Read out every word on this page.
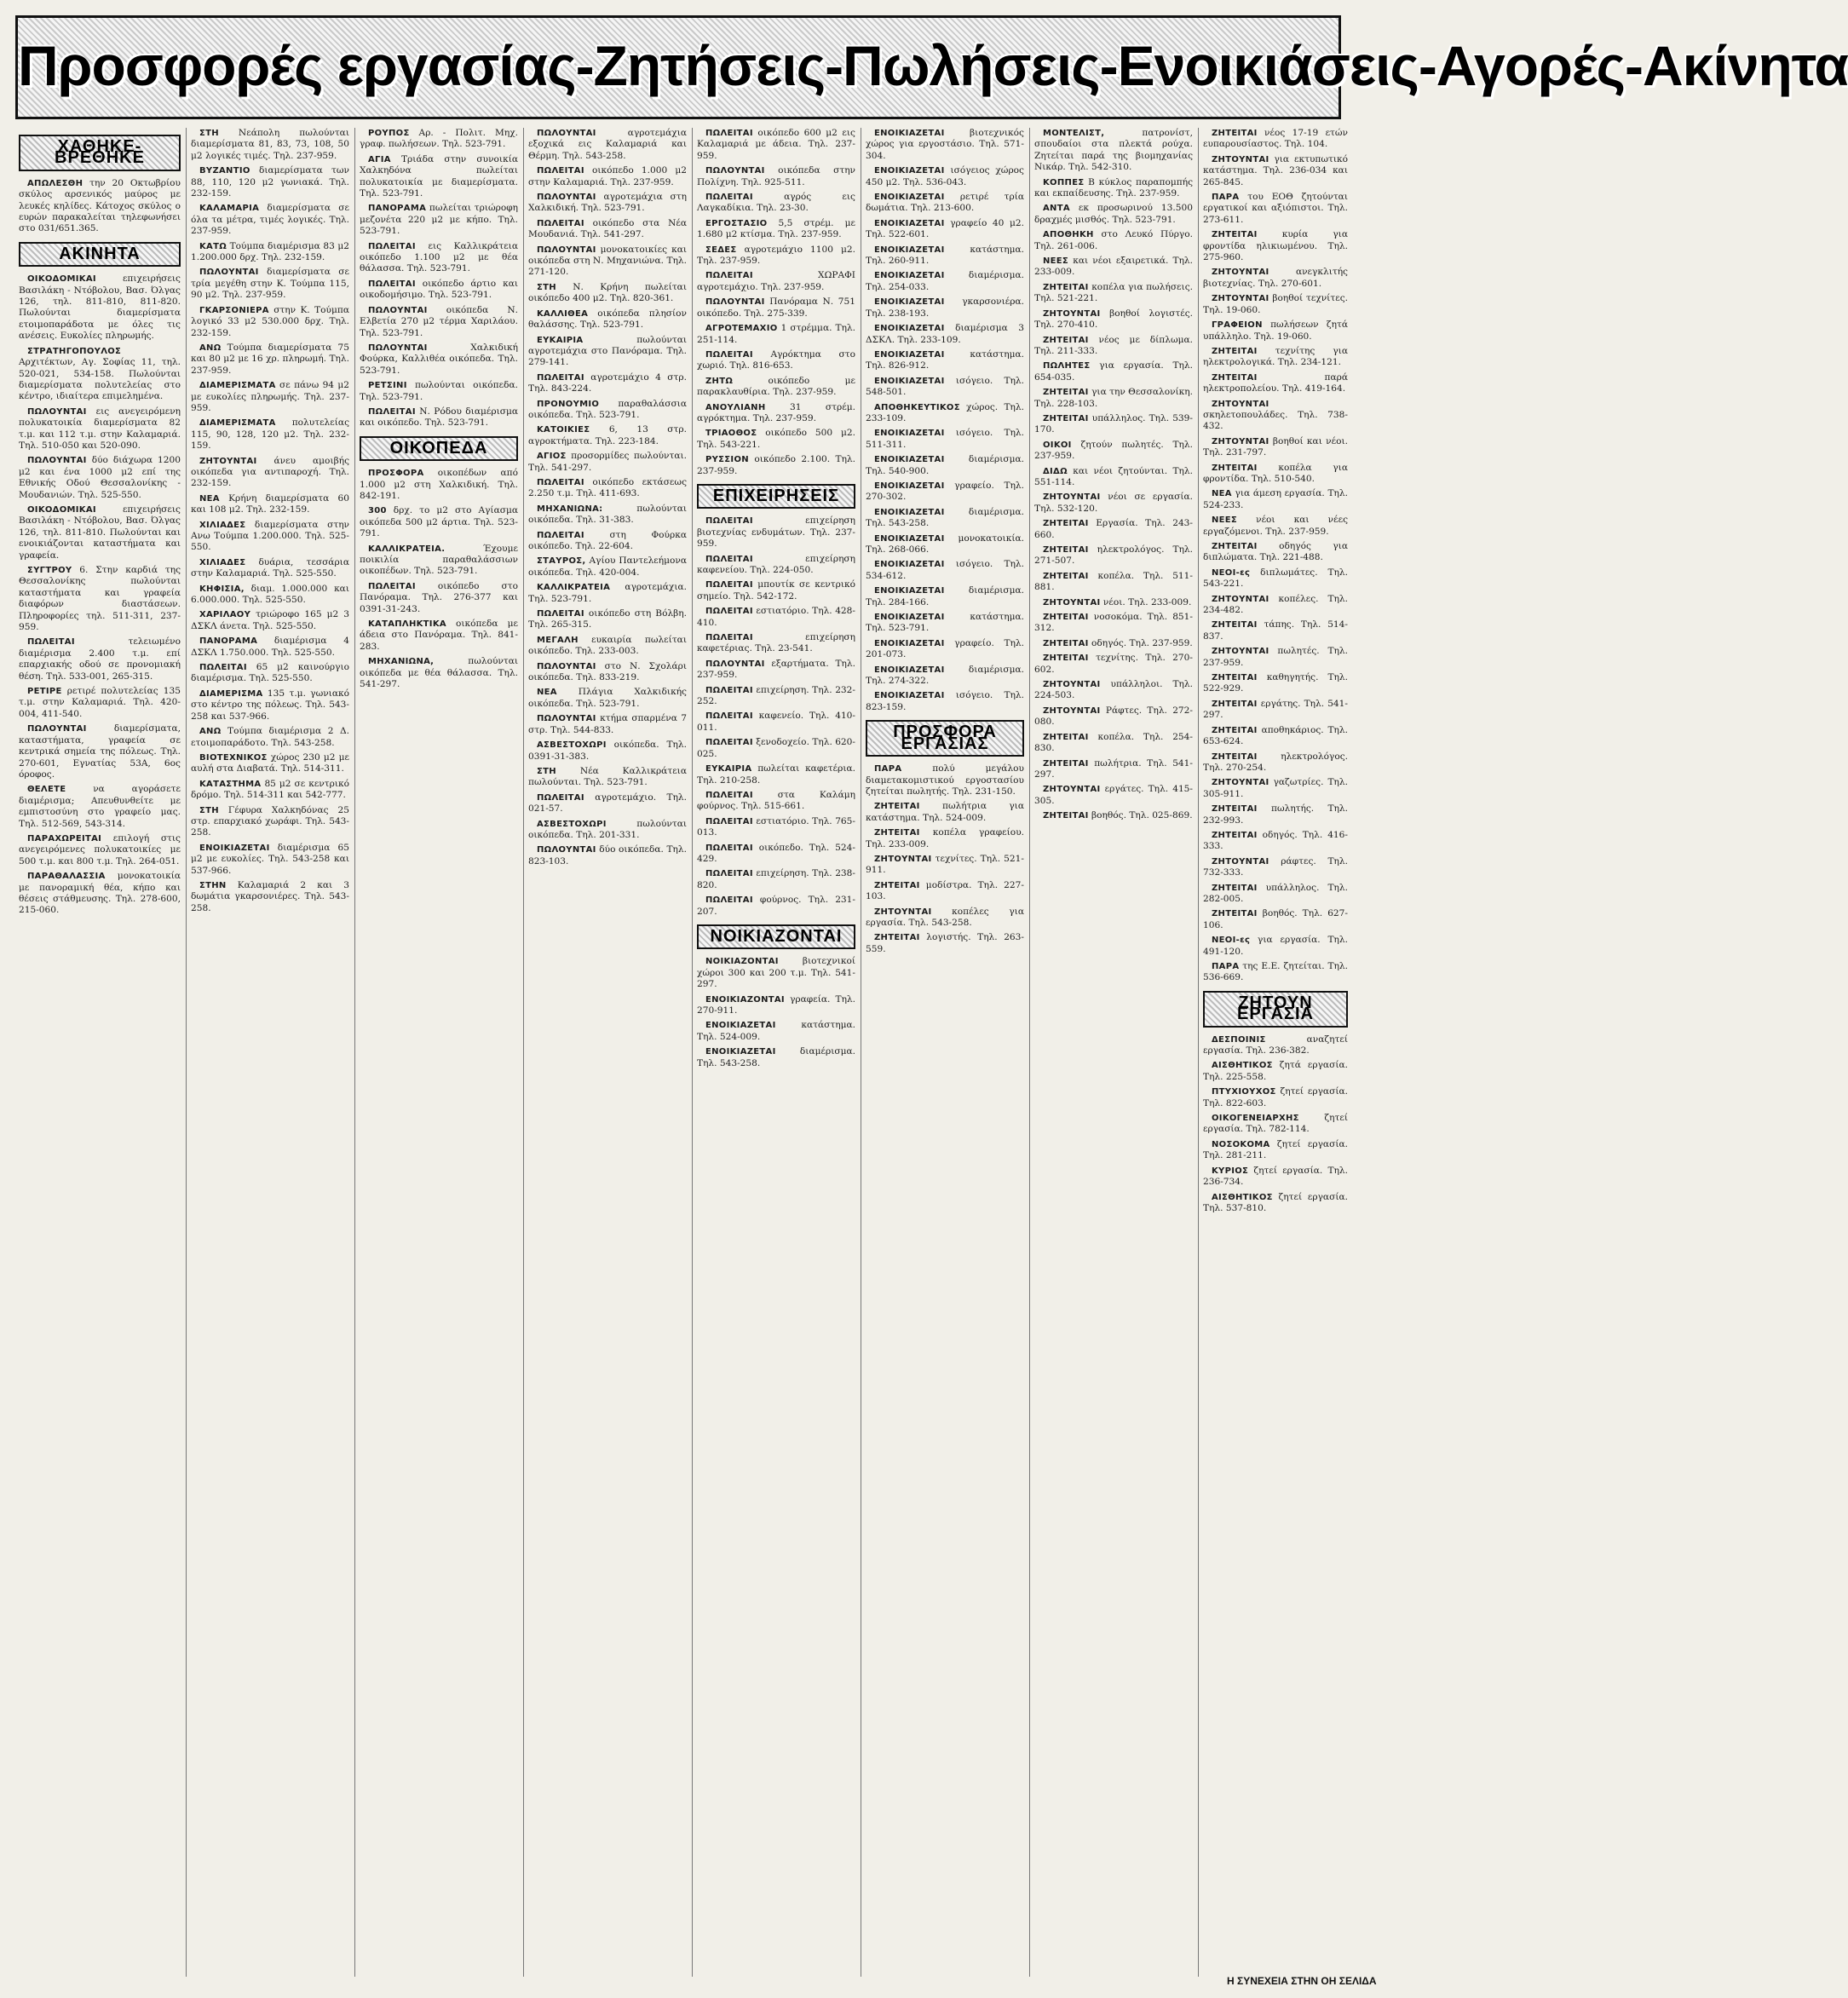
Προσφορές εργασίας-Ζητήσεις-Πωλήσεις-Ενοικιάσεις-Αγορές-Ακίνητα
ΧΑΘΗΚΕ-ΒΡΕΘΗΚΕ

ΑΠΩΛΕΣΘΗ την 20 Οκτωβρίου σκύλος αρσενικός μαύρος με λευκές κηλίδες. Κάτοχος σκύλος ο ευρών παρακαλείται τηλεφωνήσει στο 031/651.365.

ΑΚΙΝΗΤΑ

ΟΙΚΟΔΟΜΙΚΑΙ επιχειρήσεις Βασιλάκη - Ντόβολου, Βασ. Όλγας 126, τηλ. 811-810, 811-820. Πωλούνται διαμερίσματα ετοιμοπαράδοτα με όλες τις ανέσεις. Ευκολίες πληρωμής.

ΣΤΡΑΤΗΓΟΠΟΥΛΟΣ Αρχιτέκτων, Αγ. Σοφίας 11, τηλ. 520-021, 534-158. Πωλούνται διαμερίσματα πολυτελείας στο κέντρο, ιδιαίτερα επιμελημένα.

ΠΩΛΟΥΝΤΑΙ εις ανεγειρόμενη πολυκατοικία διαμερίσματα 82 τ.μ. και 112 τ.μ. στην Καλαμαριά. Τηλ. 510-050 και 520-090.

ΠΩΛΟΥΝΤΑΙ δύο διάχωρα 1200 μ2 και ένα 1000 μ2 επί της Εθνικής Οδού Θεσσαλονίκης - Μουδανιών. Τηλ. 525-550.

ΟΙΚΟΔΟΜΙΚΑΙ επιχειρήσεις Βασιλάκη - Ντόβολου, Βασ. Όλγας 126, τηλ. 811-810. Πωλούνται και ενοικιάζονται καταστήματα και γραφεία.

ΣΥΓΤΡΟΥ 6. Στην καρδιά της Θεσσαλονίκης πωλούνται καταστήματα και γραφεία διαφόρων διαστάσεων. Πληροφορίες τηλ. 511-311, 237-959.

ΠΩΛΕΙΤΑΙ τελειωμένο διαμέρισμα 2.400 τ.μ. επί επαρχιακής οδού σε προνομιακή θέση. Τηλ. 533-001, 265-315.

ΡΕΤΙΡΕ ρετιρέ πολυτελείας 135 τ.μ. στην Καλαμαριά. Τηλ. 420-004, 411-540.

ΠΩΛΟΥΝΤΑΙ διαμερίσματα, καταστήματα, γραφεία σε κεντρικά σημεία της πόλεως. Τηλ. 270-601, Εγνατίας 53Α, 6ος όροφος.

ΘΕΛΕΤΕ να αγοράσετε διαμέρισμα; Απευθυνθείτε με εμπιστοσύνη στο γραφείο μας. Τηλ. 512-569, 543-314.

ΠΑΡΑΧΩΡΕΙΤΑΙ επιλογή στις ανεγειρόμενες πολυκατοικίες με 500 τ.μ. και 800 τ.μ. Τηλ. 264-051.

ΠΑΡΑΘΑΛΑΣΣΙΑ μονοκατοικία με πανοραμική θέα, κήπο και θέσεις στάθμευσης. Τηλ. 278-600, 215-060.

ΣΤΗ Νεάπολη πωλούνται διαμερίσματα 81, 83, 73, 108, 50 μ2 λογικές τιμές. Τηλ. 237-959.

ΒΥΖΑΝΤΙΟ διαμερίσματα των 88, 110, 120 μ2 γωνιακά. Τηλ. 232-159.

ΚΑΛΑΜΑΡΙΑ διαμερίσματα σε όλα τα μέτρα, τιμές λογικές. Τηλ. 237-959.

ΚΑΤΩ Τούμπα διαμέρισμα 83 μ2 1.200.000 δρχ. Τηλ. 232-159.

ΠΩΛΟΥΝΤΑΙ διαμερίσματα σε τρία μεγέθη στην Κ. Τούμπα 115, 90 μ2. Τηλ. 237-959.

ΓΚΑΡΣΟΝΙΕΡΑ στην Κ. Τούμπα λογικό 33 μ2 530.000 δρχ. Τηλ. 232-159.

ΑΝΩ Τούμπα διαμερίσματα 75 και 80 μ2 με 16 χρ. πληρωμή. Τηλ. 237-959.

ΔΙΑΜΕΡΙΣΜΑΤΑ σε πάνω 94 μ2 με ευκολίες πληρωμής. Τηλ. 237-959.

ΔΙΑΜΕΡΙΣΜΑΤΑ πολυτελείας 115, 90, 128, 120 μ2. Τηλ. 232-159.

ΖΗΤΟΥΝΤΑΙ άνευ αμοιβής οικόπεδα για αντιπαροχή. Τηλ. 232-159.

ΝΕΑ Κρήνη διαμερίσματα 60 και 108 μ2. Τηλ. 232-159.

ΧΙΛΙΑΔΕΣ διαμερίσματα στην Ανω Τούμπα 1.200.000. Τηλ. 525-550.

ΧΙΛΙΑΔΕΣ δυάρια, τεσσάρια στην Καλαμαριά. Τηλ. 525-550.

ΚΗΦΙΣΙΑ, διαμ. 1.000.000 και 6.000.000. Τηλ. 525-550.

ΧΑΡΙΛΑΟΥ τριώροφο 165 μ2 3 ΔΣΚΛ άνετα. Τηλ. 525-550.

ΠΑΝΟΡΑΜΑ διαμέρισμα 4 ΔΣΚΛ 1.750.000. Τηλ. 525-550.

ΠΩΛΕΙΤΑΙ 65 μ2 καινούργιο διαμέρισμα. Τηλ. 525-550.

ΔΙΑΜΕΡΙΣΜΑ 135 τ.μ. γωνιακό στο κέντρο της πόλεως. Τηλ. 543-258 και 537-966.

ΑΝΩ Τούμπα διαμέρισμα 2 Δ. ετοιμοπαράδοτο. Τηλ. 543-258.

ΒΙΟΤΕΧΝΙΚΟΣ χώρος 230 μ2 με αυλή στα Διαβατά. Τηλ. 514-311.

ΚΑΤΑΣΤΗΜΑ 85 μ2 σε κεντρικό δρόμο. Τηλ. 514-311 και 542-777.

ΣΤΗ Γέφυρα Χαλκηδόνας 25 στρ. επαρχιακό χωράφι. Τηλ. 543-258.

ΕΝΟΙΚΙΑΖΕΤΑΙ διαμέρισμα 65 μ2 με ευκολίες. Τηλ. 543-258 και 537-966.

ΣΤΗΝ Καλαμαριά 2 και 3 δωμάτια γκαρσονιέρες. Τηλ. 543-258.

ΡΟΥΠΟΣ Αρ. - Πολιτ. Μηχ. γραφ. πωλήσεων. Τηλ. 523-791.

ΑΓΙΑ Τριάδα στην συνοικία Χαλκηδόνα πωλείται πολυκατοικία με διαμερίσματα. Τηλ. 523-791.

ΠΑΝΟΡΑΜΑ πωλείται τριώροφη μεζονέτα 220 μ2 με κήπο. Τηλ. 523-791.

ΠΩΛΕΙΤΑΙ εις Καλλικράτεια οικόπεδο 1.100 μ2 με θέα θάλασσα. Τηλ. 523-791.

ΠΩΛΕΙΤΑΙ οικόπεδο άρτιο και οικοδομήσιμο. Τηλ. 523-791.

ΠΩΛΟΥΝΤΑΙ οικόπεδα Ν. Ελβετία 270 μ2 τέρμα Χαριλάου. Τηλ. 523-791.

ΠΩΛΟΥΝΤΑΙ Χαλκιδική Φούρκα, Καλλιθέα οικόπεδα. Τηλ. 523-791.

ΡΕΤΣΙΝΙ πωλούνται οικόπεδα. Τηλ. 523-791.

ΠΩΛΕΙΤΑΙ Ν. Ρόδου διαμέρισμα και οικόπεδο. Τηλ. 523-791.

ΟΙΚΟΠΕΔΑ

ΠΡΟΣΦΟΡΑ οικοπέδων από 1.000 μ2 στη Χαλκιδική. Τηλ. 842-191.

300 δρχ. το μ2 στο Αγίασμα οικόπεδα 500 μ2 άρτια. Τηλ. 523-791.

ΚΑΛΛΙΚΡΑΤΕΙΑ. Έχουμε ποικιλία παραθαλάσσιων οικοπέδων. Τηλ. 523-791.

ΠΩΛΕΙΤΑΙ οικόπεδο στο Πανόραμα. Τηλ. 276-377 και 0391-31-243.

ΚΑΤΑΠΛΗΚΤΙΚΑ οικόπεδα με άδεια στο Πανόραμα. Τηλ. 841-283.

ΜΗΧΑΝΙΩΝΑ, πωλούνται οικόπεδα με θέα θάλασσα. Τηλ. 541-297.

ΠΩΛΟΥΝΤΑΙ αγροτεμάχια εξοχικά εις Καλαμαριά και Θέρμη. Τηλ. 543-258.

ΠΩΛΕΙΤΑΙ οικόπεδο 1.000 μ2 στην Καλαμαριά. Τηλ. 237-959.

ΠΩΛΟΥΝΤΑΙ αγροτεμάχια στη Χαλκιδική. Τηλ. 523-791.

ΠΩΛΕΙΤΑΙ οικόπεδο στα Νέα Μουδανιά. Τηλ. 541-297.

ΠΩΛΟΥΝΤΑΙ μονοκατοικίες και οικόπεδα στη Ν. Μηχανιώνα. Τηλ. 271-120.

ΣΤΗ Ν. Κρήνη πωλείται οικόπεδο 400 μ2. Τηλ. 820-361.

ΚΑΛΛΙΘΕΑ οικόπεδα πλησίον θαλάσσης. Τηλ. 523-791.

ΕΥΚΑΙΡΙΑ πωλούνται αγροτεμάχια στο Πανόραμα. Τηλ. 279-141.

ΠΩΛΕΙΤΑΙ αγροτεμάχιο 4 στρ. Τηλ. 843-224.

ΠΡΟΝΟΥΜΙΟ παραθαλάσσια οικόπεδα. Τηλ. 523-791.

ΚΑΤΟΙΚΙΕΣ 6, 13 στρ. αγροκτήματα. Τηλ. 223-184.

ΑΓΙΟΣ προσορμίδες πωλούνται. Τηλ. 541-297.

ΠΩΛΕΙΤΑΙ οικόπεδο εκτάσεως 2.250 τ.μ. Τηλ. 411-693.

ΜΗΧΑΝΙΩΝΑ: πωλούνται οικόπεδα. Τηλ. 31-383.

ΠΩΛΕΙΤΑΙ στη Φούρκα οικόπεδο. Τηλ. 22-604.

ΣΤΑΥΡΟΣ, Αγίου Παντελεήμονα οικόπεδα. Τηλ. 420-004.

ΚΑΛΛΙΚΡΑΤΕΙΑ αγροτεμάχια. Τηλ. 523-791.

ΠΩΛΕΙΤΑΙ οικόπεδο στη Βόλβη. Τηλ. 265-315.

ΜΕΓΑΛΗ ευκαιρία πωλείται οικόπεδο. Τηλ. 233-003.

ΠΩΛΟΥΝΤΑΙ στο Ν. Σχολάρι οικόπεδα. Τηλ. 833-219.

ΝΕΑ Πλάγια Χαλκιδικής οικόπεδα. Τηλ. 523-791.

ΠΩΛΟΥΝΤΑΙ κτήμα σπαρμένα 7 στρ. Τηλ. 544-833.

ΑΣΒΕΣΤΟΧΩΡΙ οικόπεδα. Τηλ. 0391-31-383.

ΣΤΗ Νέα Καλλικράτεια πωλούνται. Τηλ. 523-791.

ΠΩΛΕΙΤΑΙ αγροτεμάχιο. Τηλ. 021-57.

ΑΣΒΕΣΤΟΧΩΡΙ πωλούνται οικόπεδα. Τηλ. 201-331.

ΠΩΛΟΥΝΤΑΙ δύο οικόπεδα. Τηλ. 823-103.

ΠΩΛΕΙΤΑΙ οικόπεδο 600 μ2 εις Καλαμαριά με άδεια. Τηλ. 237-959.

ΠΩΛΟΥΝΤΑΙ οικόπεδα στην Πολίχνη. Τηλ. 925-511.

ΠΩΛΕΙΤΑΙ αγρός εις Λαγκαδίκια. Τηλ. 23-30.

ΕΡΓΟΣΤΑΣΙΟ 5,5 στρέμ. με 1.680 μ2 κτίσμα. Τηλ. 237-959.

ΣΕΔΕΣ αγροτεμάχιο 1100 μ2. Τηλ. 237-959.

ΠΩΛΕΙΤΑΙ ΧΩΡΑΦΙ αγροτεμάχιο. Τηλ. 237-959.

ΠΩΛΟΥΝΤΑΙ Πανόραμα Ν. 751 οικόπεδο. Τηλ. 275-339.

ΑΓΡΟΤΕΜΑΧΙΟ 1 στρέμμα. Τηλ. 251-114.

ΠΩΛΕΙΤΑΙ Αγρόκτημα στο χωριό. Τηλ. 816-653.

ΖΗΤΩ οικόπεδο με παρακλαυθίρια. Τηλ. 237-959.

ΑΝΟΥΛΙΑΝΗ 31 στρέμ. αγρόκτημα. Τηλ. 237-959.

ΤΡΙΑΟΘΟΣ οικόπεδο 500 μ2. Τηλ. 543-221.

ΡΥΣΣΙΟΝ οικόπεδο 2.100. Τηλ. 237-959.

ΕΠΙΧΕΙΡΗΣΕΙΣ

ΠΩΛΕΙΤΑΙ επιχείρηση βιοτεχνίας ενδυμάτων. Τηλ. 237-959.

ΠΩΛΕΙΤΑΙ επιχείρηση καφενείου. Τηλ. 224-050.

ΠΩΛΕΙΤΑΙ μπουτίκ σε κεντρικό σημείο. Τηλ. 542-172.

ΠΩΛΕΙΤΑΙ εστιατόριο. Τηλ. 428-410.

ΠΩΛΕΙΤΑΙ επιχείρηση καφετέριας. Τηλ. 23-541.

ΠΩΛΟΥΝΤΑΙ εξαρτήματα. Τηλ. 237-959.

ΠΩΛΕΙΤΑΙ επιχείρηση. Τηλ. 232-252.

ΠΩΛΕΙΤΑΙ καφενείο. Τηλ. 410-011.

ΠΩΛΕΙΤΑΙ ξενοδοχείο. Τηλ. 620-025.

ΕΥΚΑΙΡΙΑ πωλείται καφετέρια. Τηλ. 210-258.

ΠΩΛΕΙΤΑΙ στα Καλάμη φούρνος. Τηλ. 515-661.

ΠΩΛΕΙΤΑΙ εστιατόριο. Τηλ. 765-013.

ΠΩΛΕΙΤΑΙ οικόπεδο. Τηλ. 524-429.

ΠΩΛΕΙΤΑΙ επιχείρηση. Τηλ. 238-820.

ΠΩΛΕΙΤΑΙ φούρνος. Τηλ. 231-207.

ΝΟΙΚΙΑΖΟΝΤΑΙ

ΝΟΙΚΙΑΖΟΝΤΑΙ βιοτεχνικοί χώροι 300 και 200 τ.μ. Τηλ. 541-297.

ΕΝΟΙΚΙΑΖΟΝΤΑΙ γραφεία. Τηλ. 270-911.

ΕΝΟΙΚΙΑΖΕΤΑΙ κατάστημα. Τηλ. 524-009.

ΕΝΟΙΚΙΑΖΕΤΑΙ διαμέρισμα. Τηλ. 543-258.

ΕΝΟΙΚΙΑΖΕΤΑΙ βιοτεχνικός χώρος για εργοστάσιο. Τηλ. 571-304.

ΕΝΟΙΚΙΑΖΕΤΑΙ ισόγειος χώρος 450 μ2. Τηλ. 536-043.

ΕΝΟΙΚΙΑΖΕΤΑΙ ρετιρέ τρία δωμάτια. Τηλ. 213-600.

ΕΝΟΙΚΙΑΖΕΤΑΙ γραφείο 40 μ2. Τηλ. 522-601.

ΕΝΟΙΚΙΑΖΕΤΑΙ κατάστημα. Τηλ. 260-911.

ΕΝΟΙΚΙΑΖΕΤΑΙ διαμέρισμα. Τηλ. 254-033.

ΕΝΟΙΚΙΑΖΕΤΑΙ γκαρσονιέρα. Τηλ. 238-193.

ΕΝΟΙΚΙΑΖΕΤΑΙ διαμέρισμα 3 ΔΣΚΛ. Τηλ. 233-109.

ΕΝΟΙΚΙΑΖΕΤΑΙ κατάστημα. Τηλ. 826-912.

ΕΝΟΙΚΙΑΖΕΤΑΙ ισόγειο. Τηλ. 548-501.

ΑΠΟΘΗΚΕΥΤΙΚΟΣ χώρος. Τηλ. 233-109.

ΕΝΟΙΚΙΑΖΕΤΑΙ ισόγειο. Τηλ. 511-311.

ΕΝΟΙΚΙΑΖΕΤΑΙ διαμέρισμα. Τηλ. 540-900.

ΕΝΟΙΚΙΑΖΕΤΑΙ γραφείο. Τηλ. 270-302.

ΕΝΟΙΚΙΑΖΕΤΑΙ διαμέρισμα. Τηλ. 543-258.

ΕΝΟΙΚΙΑΖΕΤΑΙ μονοκατοικία. Τηλ. 268-066.

ΕΝΟΙΚΙΑΖΕΤΑΙ ισόγειο. Τηλ. 534-612.

ΕΝΟΙΚΙΑΖΕΤΑΙ διαμέρισμα. Τηλ. 284-166.

ΕΝΟΙΚΙΑΖΕΤΑΙ κατάστημα. Τηλ. 523-791.

ΕΝΟΙΚΙΑΖΕΤΑΙ γραφείο. Τηλ. 201-073.

ΕΝΟΙΚΙΑΖΕΤΑΙ διαμέρισμα. Τηλ. 274-322.

ΕΝΟΙΚΙΑΖΕΤΑΙ ισόγειο. Τηλ. 823-159.

ΠΡΟΣΦΟΡΑ ΕΡΓΑΣΙΑΣ

ΠΑΡΑ πολύ μεγάλου διαμετακομιστικού εργοστασίου ζητείται πωλητής. Τηλ. 231-150.

ΖΗΤΕΙΤΑΙ πωλήτρια για κατάστημα. Τηλ. 524-009.

ΖΗΤΕΙΤΑΙ κοπέλα γραφείου. Τηλ. 233-009.

ΖΗΤΟΥΝΤΑΙ τεχνίτες. Τηλ. 521-911.

ΖΗΤΕΙΤΑΙ μοδίστρα. Τηλ. 227-103.

ΖΗΤΟΥΝΤΑΙ κοπέλες για εργασία. Τηλ. 543-258.

ΖΗΤΕΙΤΑΙ λογιστής. Τηλ. 263-559.

ΜΟΝΤΕΛΙΣΤ, πατρονίστ, σπουδαίοι στα πλεκτά ρούχα. Ζητείται παρά της βιομηχανίας Νικάρ. Τηλ. 542-310.

ΚΟΠΠΕΣ Β κύκλος παραπομπής και εκπαίδευσης. Τηλ. 237-959.

ΑΝΤΑ εκ προσωρινού 13.500 δραχμές μισθός. Τηλ. 523-791.

ΑΠΟΘΗΚΗ στο Λευκό Πύργο. Τηλ. 261-006.

ΝΕΕΣ και νέοι εξαιρετικά. Τηλ. 233-009.

ΖΗΤΕΙΤΑΙ κοπέλα για πωλήσεις. Τηλ. 521-221.

ΖΗΤΟΥΝΤΑΙ βοηθοί λογιστές. Τηλ. 270-410.

ΖΗΤΕΙΤΑΙ νέος με δίπλωμα. Τηλ. 211-333.

ΠΩΛΗΤΕΣ για εργασία. Τηλ. 654-035.

ΖΗΤΕΙΤΑΙ για την Θεσσαλονίκη. Τηλ. 228-103.

ΖΗΤΕΙΤΑΙ υπάλληλος. Τηλ. 539-170.

ΟΙΚΟΙ ζητούν πωλητές. Τηλ. 237-959.

ΔΙΔΩ και νέοι ζητούνται. Τηλ. 551-114.

ΖΗΤΟΥΝΤΑΙ νέοι σε εργασία. Τηλ. 532-120.

ΖΗΤΕΙΤΑΙ Εργασία. Τηλ. 243-660.

ΖΗΤΕΙΤΑΙ ηλεκτρολόγος. Τηλ. 271-507.

ΖΗΤΕΙΤΑΙ κοπέλα. Τηλ. 511-881.

ΖΗΤΟΥΝΤΑΙ νέοι. Τηλ. 233-009.

ΖΗΤΕΙΤΑΙ νοσοκόμα. Τηλ. 851-312.

ΖΗΤΕΙΤΑΙ οδηγός. Τηλ. 237-959.

ΖΗΤΕΙΤΑΙ τεχνίτης. Τηλ. 270-602.

ΖΗΤΟΥΝΤΑΙ υπάλληλοι. Τηλ. 224-503.

ΖΗΤΟΥΝΤΑΙ Ράφτες. Τηλ. 272-080.

ΖΗΤΕΙΤΑΙ κοπέλα. Τηλ. 254-830.

ΖΗΤΕΙΤΑΙ πωλήτρια. Τηλ. 541-297.

ΖΗΤΟΥΝΤΑΙ εργάτες. Τηλ. 415-305.

ΖΗΤΕΙΤΑΙ βοηθός. Τηλ. 025-869.

ΖΗΤΕΙΤΑΙ νέος 17-19 ετών ευπαρουσίαστος. Τηλ. 104.

ΖΗΤΟΥΝΤΑΙ για εκτυπωτικό κατάστημα. Τηλ. 236-034 και 265-845.

ΠΑΡΑ του ΕΟΘ ζητούνται εργατικοί και αξιόπιστοι. Τηλ. 273-611.

ΖΗΤΕΙΤΑΙ κυρία για φροντίδα ηλικιωμένου. Τηλ. 275-960.

ΖΗΤΟΥΝΤΑΙ ανεγκλιτής βιοτεχνίας. Τηλ. 270-601.

ΖΗΤΟΥΝΤΑΙ βοηθοί τεχνίτες. Τηλ. 19-060.

ΓΡΑΦΕΙΟΝ πωλήσεων ζητά υπάλληλο. Τηλ. 19-060.

ΖΗΤΕΙΤΑΙ τεχνίτης για ηλεκτρολογικά. Τηλ. 234-121.

ΖΗΤΕΙΤΑΙ παρά ηλεκτροπολείου. Τηλ. 419-164.

ΖΗΤΟΥΝΤΑΙ σκηλετοπουλάδες. Τηλ. 738-432.

ΖΗΤΟΥΝΤΑΙ βοηθοί και νέοι. Τηλ. 231-797.

ΖΗΤΕΙΤΑΙ κοπέλα για φροντίδα. Τηλ. 510-540.

ΝΕΑ για άμεση εργασία. Τηλ. 524-233.

ΝΕΕΣ νέοι και νέες εργαζόμενοι. Τηλ. 237-959.

ΖΗΤΕΙΤΑΙ οδηγός για διπλώματα. Τηλ. 221-488.

ΝΕΟΙ-ες διπλωμάτες. Τηλ. 543-221.

ΖΗΤΟΥΝΤΑΙ κοπέλες. Τηλ. 234-482.

ΖΗΤΕΙΤΑΙ τάπης. Τηλ. 514-837.

ΖΗΤΟΥΝΤΑΙ πωλητές. Τηλ. 237-959.

ΖΗΤΕΙΤΑΙ καθηγητής. Τηλ. 522-929.

ΖΗΤΕΙΤΑΙ εργάτης. Τηλ. 541-297.

ΖΗΤΕΙΤΑΙ αποθηκάριος. Τηλ. 653-624.

ΖΗΤΕΙΤΑΙ ηλεκτρολόγος. Τηλ. 270-254.

ΖΗΤΟΥΝΤΑΙ γαζωτρίες. Τηλ. 305-911.

ΖΗΤΕΙΤΑΙ πωλητής. Τηλ. 232-993.

ΖΗΤΕΙΤΑΙ οδηγός. Τηλ. 416-333.

ΖΗΤΟΥΝΤΑΙ ράφτες. Τηλ. 732-333.

ΖΗΤΕΙΤΑΙ υπάλληλος. Τηλ. 282-005.

ΖΗΤΕΙΤΑΙ βοηθός. Τηλ. 627-106.

ΝΕΟΙ-ες για εργασία. Τηλ. 491-120.

ΠΑΡΑ της Ε.Ε. ζητείται. Τηλ. 536-669.

ΖΗΤΟΥΝ ΕΡΓΑΣΙΑ

ΔΕΣΠΟΙΝΙΣ αναζητεί εργασία. Τηλ. 236-382.

ΑΙΣΘΗΤΙΚΟΣ ζητά εργασία. Τηλ. 225-558.

ΠΤΥΧΙΟΥΧΟΣ ζητεί εργασία. Τηλ. 822-603.

ΟΙΚΟΓΕΝΕΙΑΡΧΗΣ ζητεί εργασία. Τηλ. 782-114.

ΝΟΣΟΚΟΜΑ ζητεί εργασία. Τηλ. 281-211.

ΚΥΡΙΟΣ ζητεί εργασία. Τηλ. 236-734.

ΑΙΣΘΗΤΙΚΟΣ ζητεί εργασία. Τηλ. 537-810.

Η ΣΥΝΕΧΕΙΑ ΣΤΗΝ ΟΗ ΣΕΛΙΔΑ
